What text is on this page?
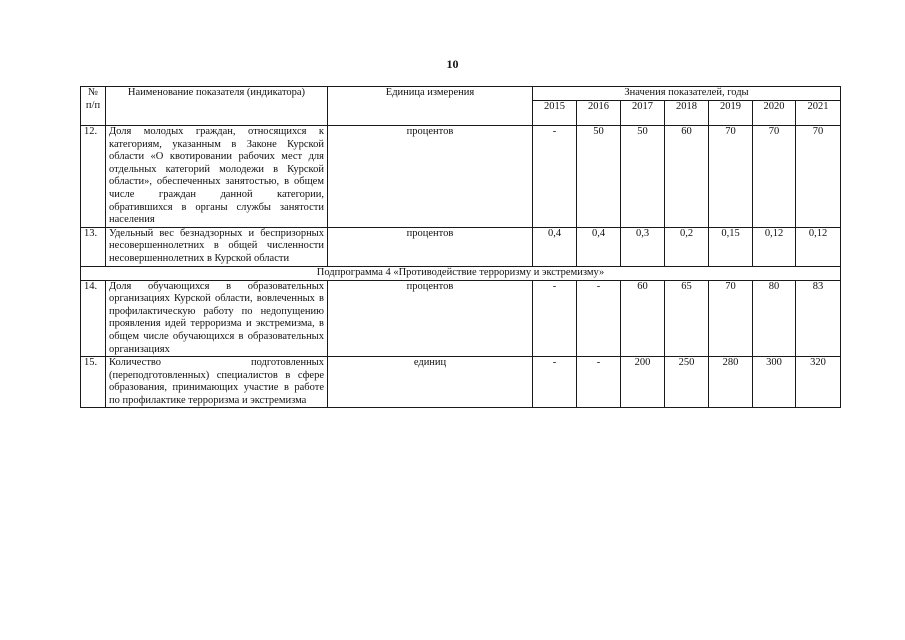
10
№ п/п	Наименование показателя (индикатора)	Единица измерения	Значения показателей, годы						
			2015	2016	2017	2018	2019	2020	2021
12.	Доля молодых граждан, относящихся к категориям, указанным в Законе Курской области «О квотировании рабочих мест для отдельных категорий молодежи в Курской области», обеспеченных занятостью, в общем числе граждан данной категории, обратившихся в органы службы занятости населения	процентов	-	50	50	60	70	70	70
13.	Удельный вес безнадзорных и беспризорных несовершеннолетних в общей численности несовершеннолетних в Курской области	процентов	0,4	0,4	0,3	0,2	0,15	0,12	0,12
Подпрограмма 4 «Противодействие терроризму и экстремизму»									
14.	Доля обучающихся в образовательных организациях Курской области, вовлеченных в профилактическую работу по недопущению проявления идей терроризма и экстремизма, в общем числе обучающихся в образовательных организациях	процентов	-	-	60	65	70	80	83
15.	Количество подготовленных (переподготовленных) специалистов в сфере образования, принимающих участие в работе по профилактике терроризма и экстремизма	единиц	-	-	200	250	280	300	320
